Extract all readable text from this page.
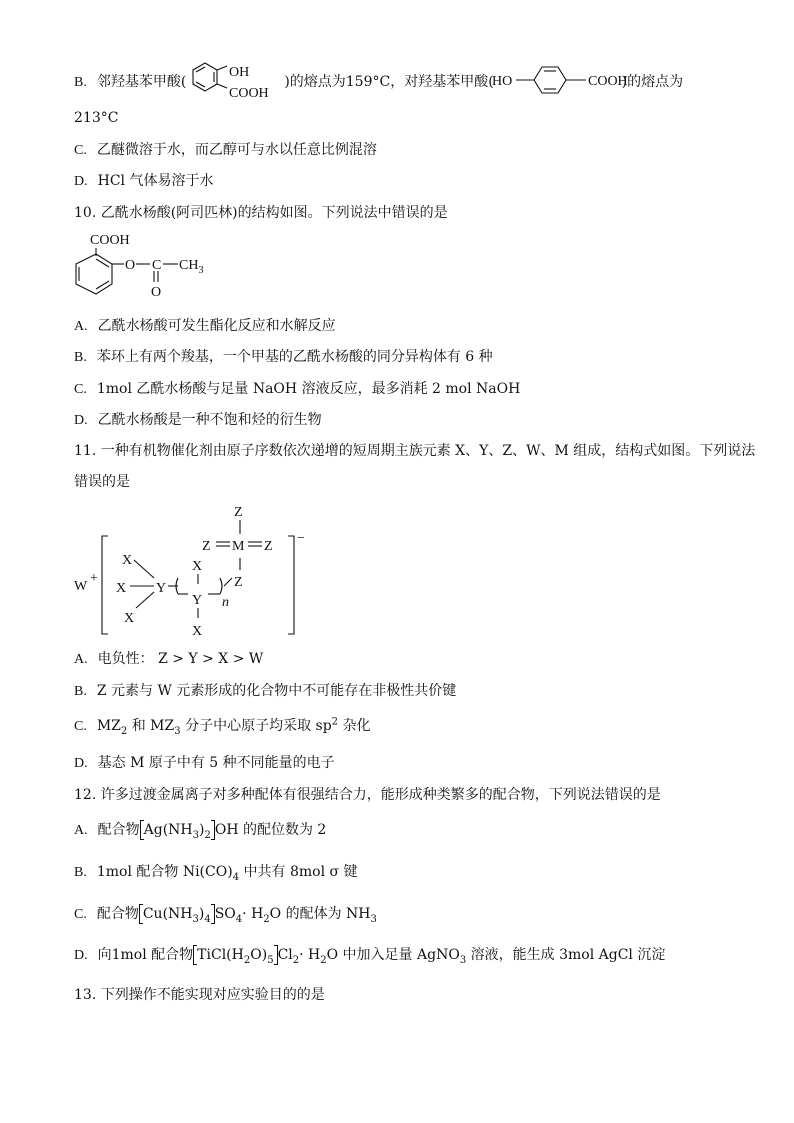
B. 邻羟基苯甲酸(	)的熔点为159°C，对羟基苯甲酸(	)的熔点为
OH
COOH
HO	COOH
213°C
C. 乙醚微溶于水，而乙醇可与水以任意比例混溶
D. HCl 气体易溶于水
10. 乙酰水杨酸(阿司匹林)的结构如图。下列说法中错误的是
COOH
O C $CH_3$
O
A. 乙酰水杨酸可发生酯化反应和水解反应
B. 苯环上有两个羧基，一个甲基的乙酰水杨酸的同分异构体有 6 种
C. 1mol 乙酰水杨酸与足量 NaOH 溶液反应，最多消耗 2 mol NaOH
D. 乙酰水杨酸是一种不饱和烃的衍生物
11. 一种有机物催化剂由原子序数依次递增的短周期主族元素 X、Y、Z、W、M 组成，结构式如图。下列说法
错误的是
W
+
−
X
X
X
Y
X
Y
X
n
Z
Z
Z M Z
A. 电负性： Z > Y > X > W
B. Z 元素与 W 元素形成的化合物中不可能存在非极性共价键
C. $MZ_2$ 和 $MZ_3$ 分子中心原子均采取 $sp^2$ 杂化
D. 基态 M 原子中有 5 种不同能量的电子
12. 许多过渡金属离子对多种配体有很强结合力，能形成种类繁多的配合物，下列说法错误的是
A. 配合物 $Ag(NH_3)_2$ OH 的配位数为 2
B. 1mol 配合物 $Ni(CO)_4$ 中共有 8mol σ 键
C. 配合物 $Cu(NH_3)_4$ $SO_4\cdot H_2O$ 的配体为 $NH_3$
D. 向1mol 配合物 $TiCl(H_2O)_5$ $Cl_2\cdot H_2O$ 中加入足量 AgNO$_3$ 溶液，能生成 3mol AgCl 沉淀
13. 下列操作不能实现对应实验目的的是
